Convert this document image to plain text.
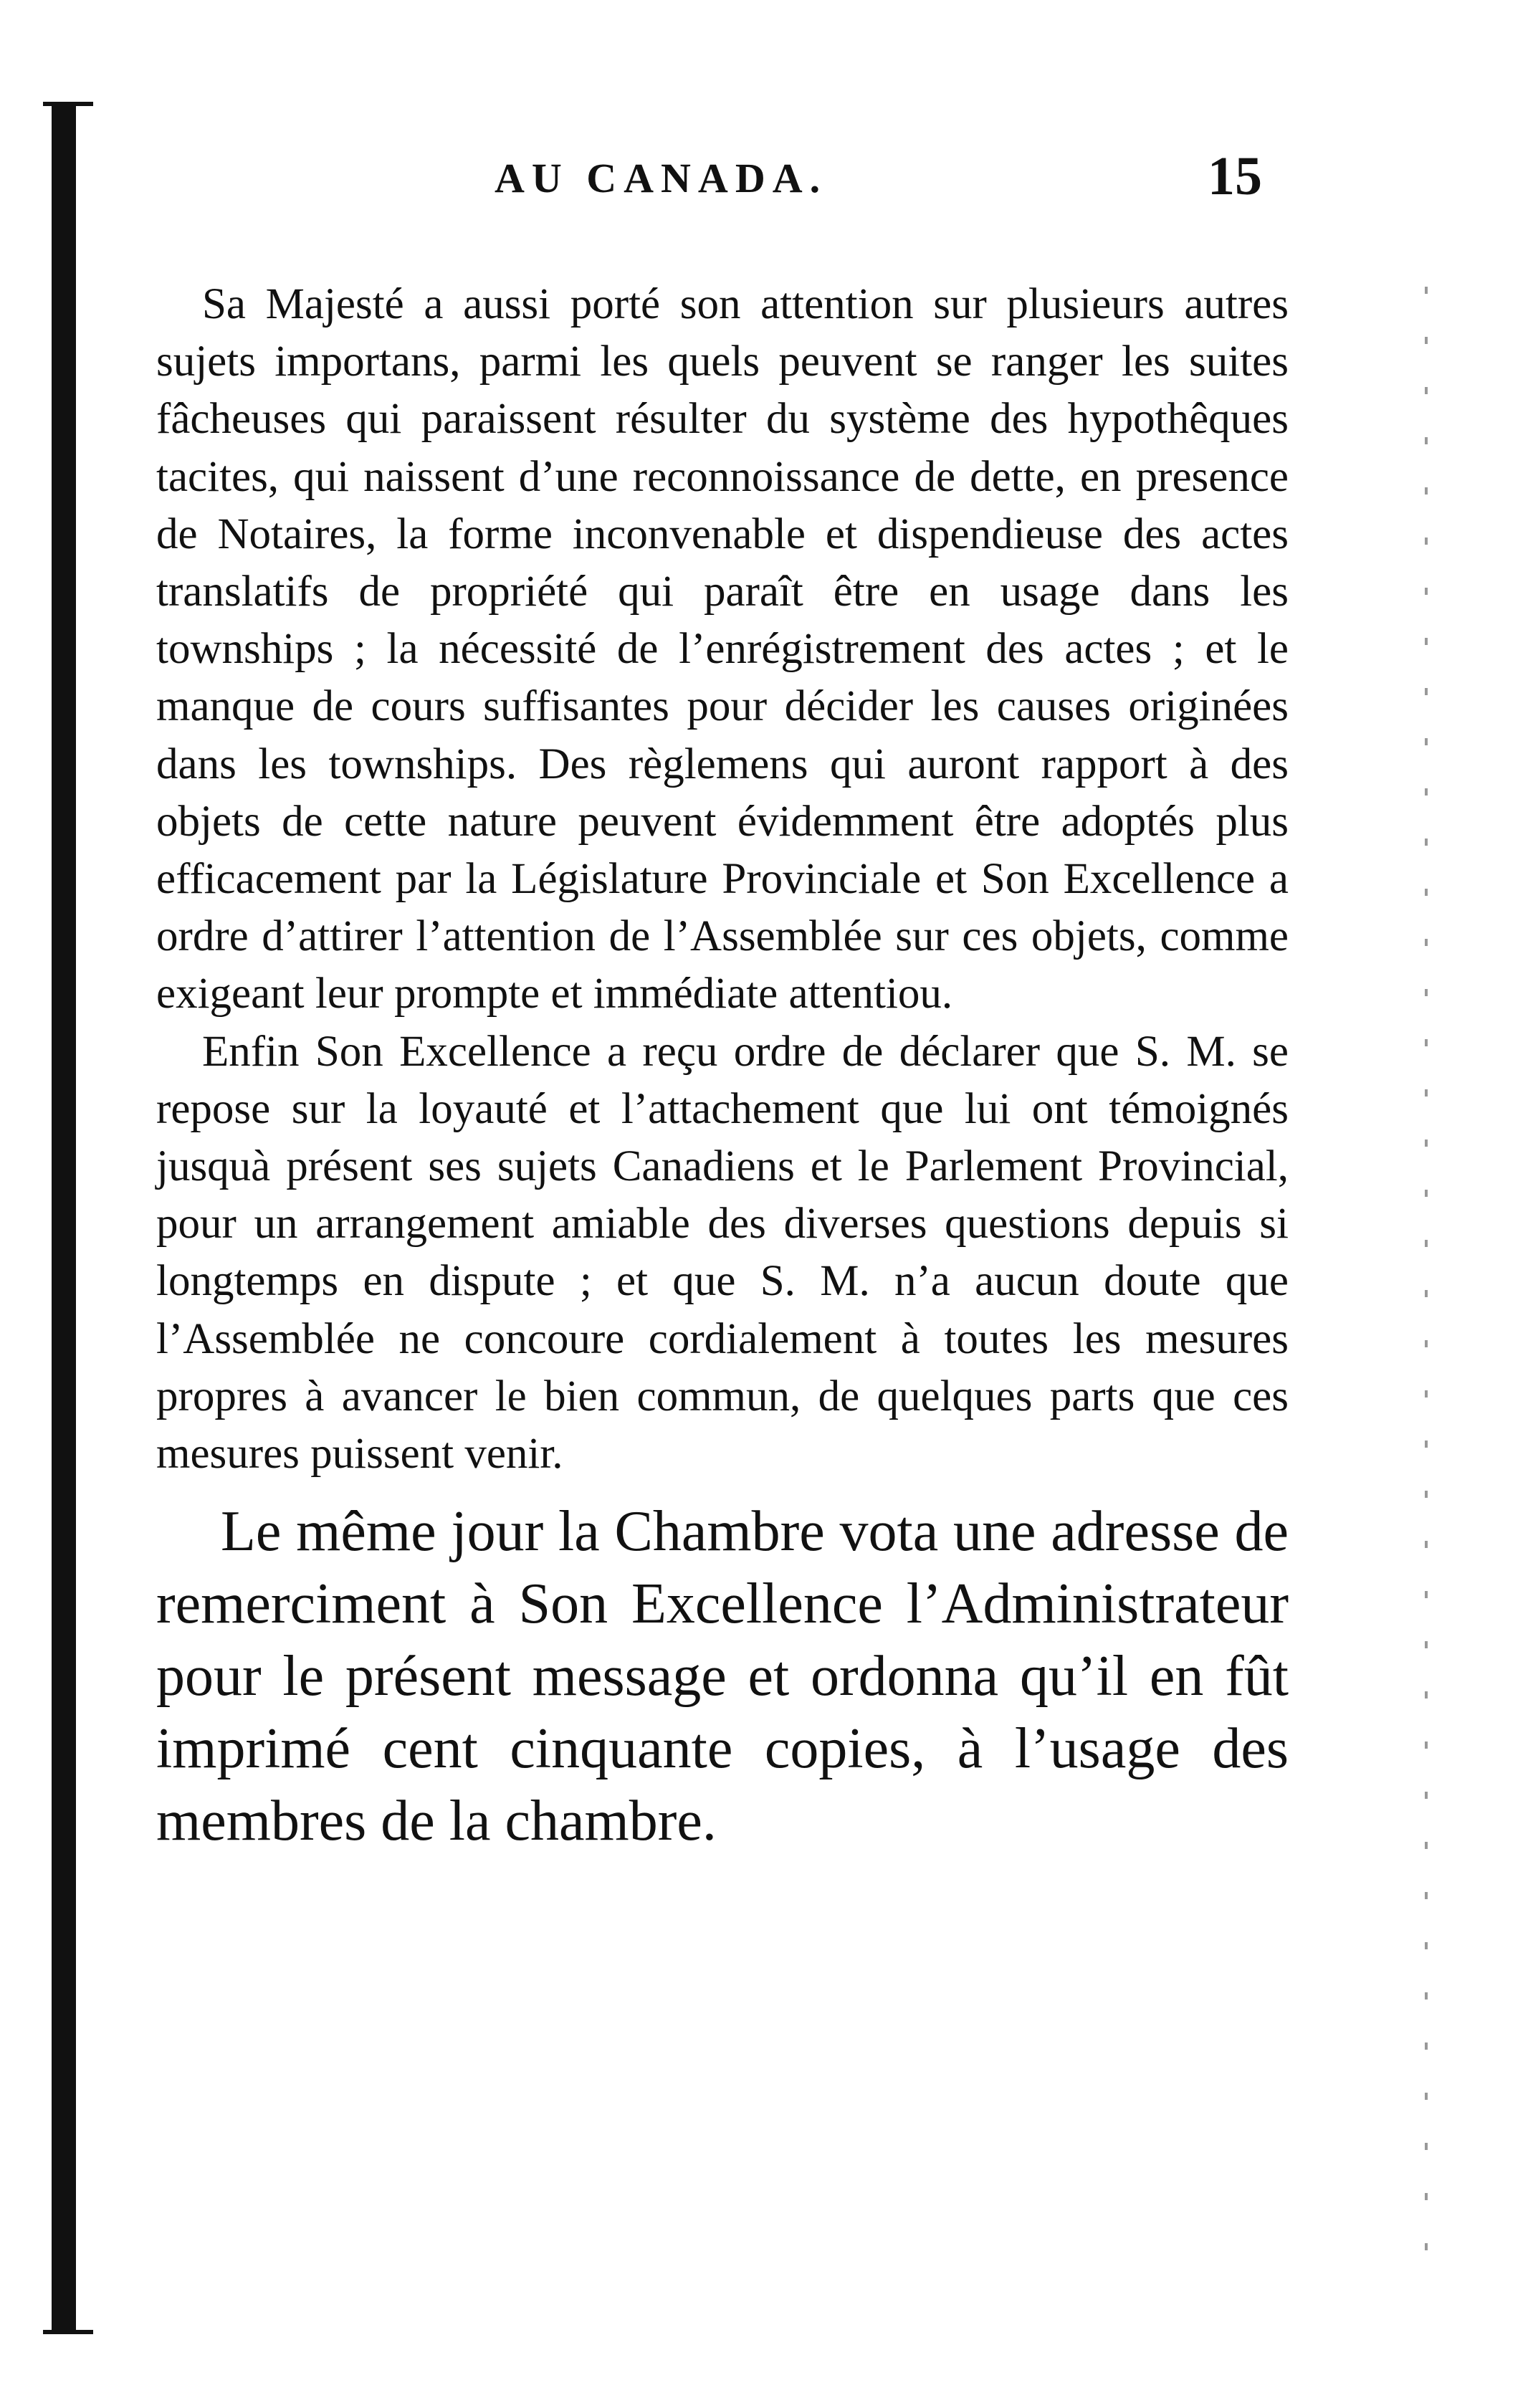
AU CANADA.	15

Sa Majesté a aussi porté son attention sur plusieurs autres sujets importans, parmi les quels peuvent se ranger les suites fâcheuses qui paraissent résulter du système des hypothêques tacites, qui naissent d’une reconnoissance de dette, en presence de Notaires, la forme inconvenable et dispendieuse des actes translatifs de propriété qui paraît être en usage dans les townships ; la nécessité de l’enrégistrement des actes ; et le manque de cours suffisantes pour décider les causes originées dans les townships. Des règlemens qui auront rapport à des objets de cette nature peuvent évidemment être adoptés plus efficacement par la Législature Provinciale et Son Excellence a ordre d’attirer l’attention de l’Assemblée sur ces objets, comme exigeant leur prompte et immédiate attentiou.

Enfin Son Excellence a reçu ordre de déclarer que S. M. se repose sur la loyauté et l’attachement que lui ont témoignés jusquà présent ses sujets Canadiens et le Parlement Provincial, pour un arrangement amiable des diverses questions depuis si longtemps en dispute ; et que S. M. n’a aucun doute que l’Assemblée ne concoure cordialement à toutes les mesures propres à avancer le bien commun, de quelques parts que ces mesures puissent venir.

Le même jour la Chambre vota une adresse de remerciment à Son Excellence l’Administrateur pour le présent message et ordonna qu’il en fût imprimé cent cinquante copies, à l’usage des membres de la chambre.
